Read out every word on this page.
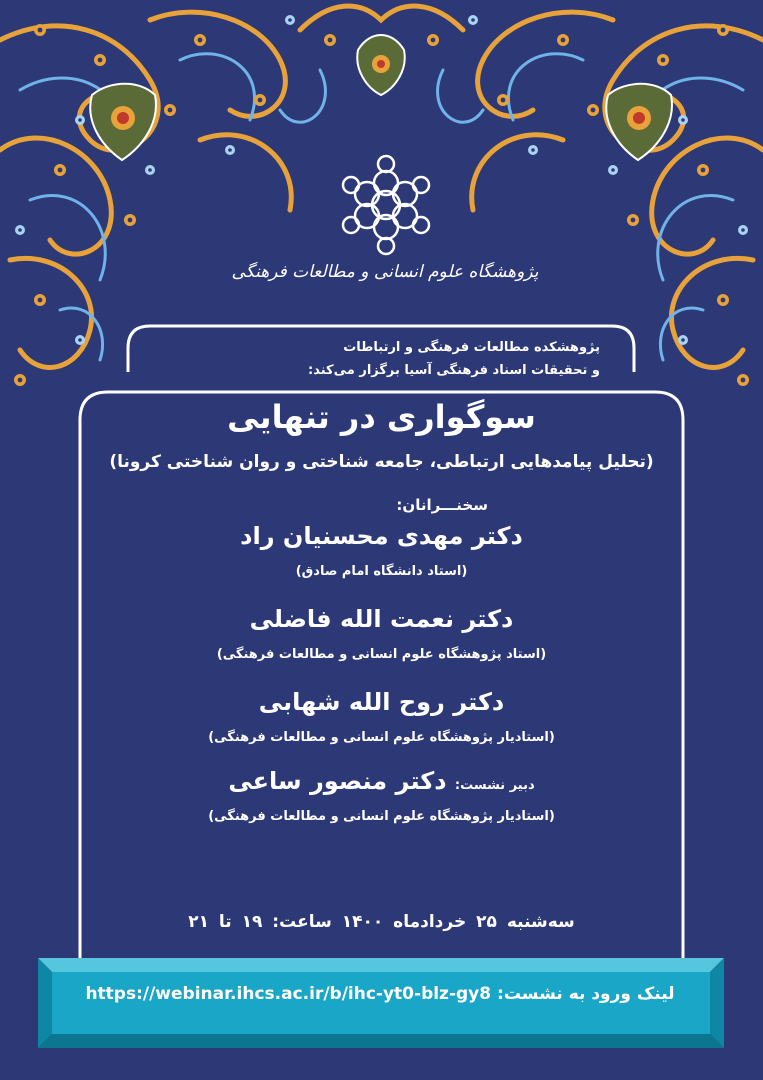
پژوهشگاه علوم انسانی و مطالعات فرهنگی
پژوهشکده مطالعات فرهنگی و ارتباطات
و تحقیقات اسناد فرهنگی آسیا برگزار می‌کند:
سوگواری در تنهایی
(تحلیل پیامدهایی ارتباطی، جامعه شناختی و روان شناختی کرونا)
سخنـــرانان:
دکتر مهدی محسنیان راد
(استاد دانشگاه امام صادق)
دکتر نعمت الله فاضلی
(استاد پژوهشگاه علوم انسانی و مطالعات فرهنگی)
دکتر روح الله شهابی
(استادیار پژوهشگاه علوم انسانی و مطالعات فرهنگی)
دبیر نشست: دکتر منصور ساعی
(استادیار پژوهشگاه علوم انسانی و مطالعات فرهنگی)
سه‌شنبه ۲۵ خردادماه ۱۴۰۰ ساعت: ۱۹ تا ۲۱
لینک ورود به نشست: https://webinar.ihcs.ac.ir/b/ihc-yt0-blz-gy8
